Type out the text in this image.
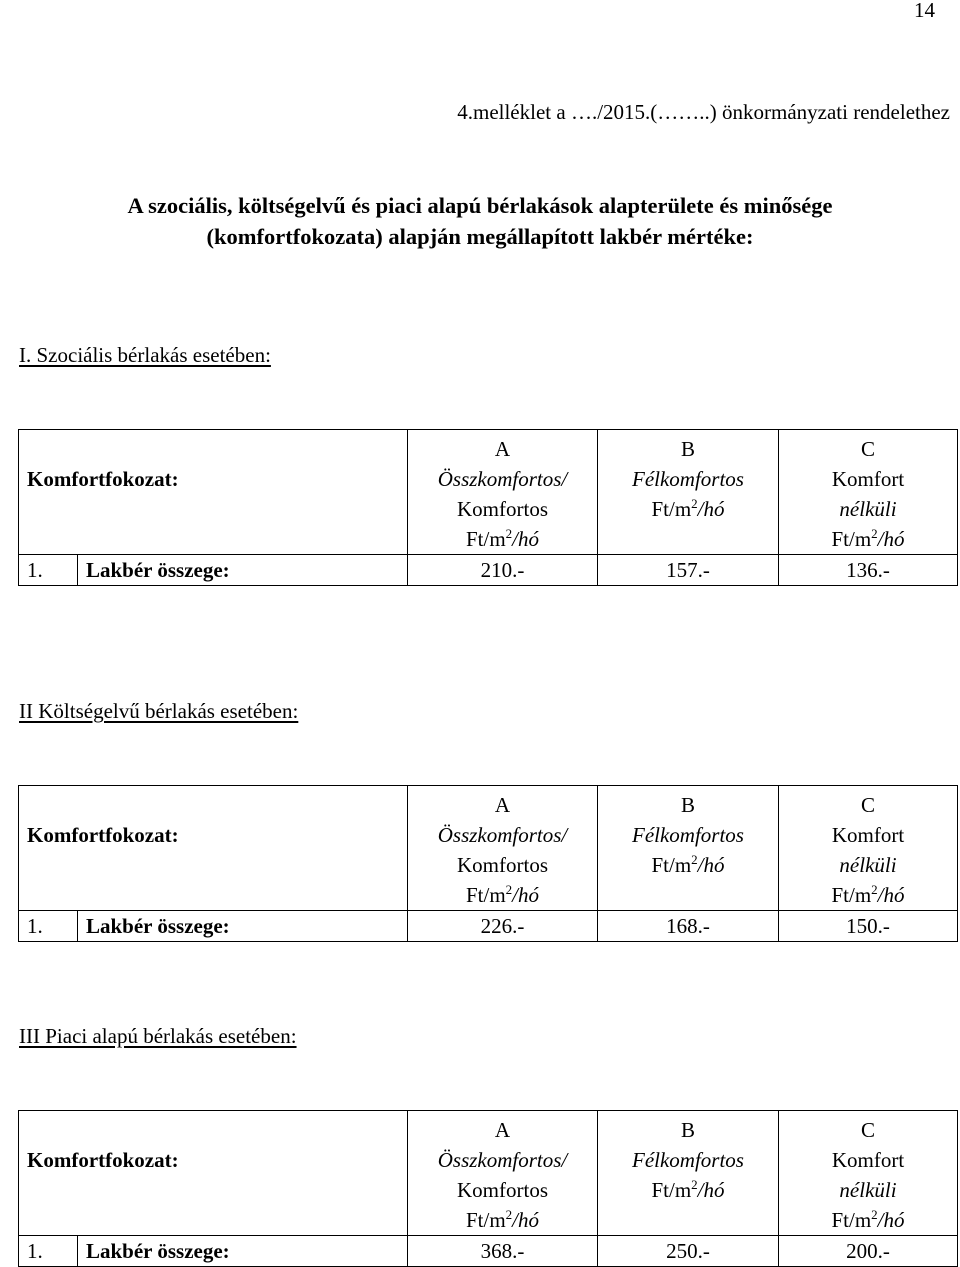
14
4.melléklet a …./2015.(……..) önkormányzati rendelethez
A szociális, költségelvű és piaci alapú bérlakások alapterülete és minősége
(komfortfokozata) alapján megállapított lakbér mértéke:
I. Szociális bérlakás esetében:
Komfortfokozat:		A
Összkomfortos/
Komfortos
$Ft/m^2/hó$	B
Félkomfortos
$Ft/m^2/hó$	C
Komfort
nélküli
$Ft/m^2/hó$

1.	Lakbér összege:	210.-	157.-	136.-
II Költségelvű bérlakás esetében:
Komfortfokozat:		A
Összkomfortos/
Komfortos
$Ft/m^2/hó$	B
Félkomfortos
$Ft/m^2/hó$	C
Komfort
nélküli
$Ft/m^2/hó$

1.	Lakbér összege:	226.-	168.-	150.-
III Piaci alapú bérlakás esetében:
Komfortfokozat:		A
Összkomfortos/
Komfortos
$Ft/m^2/hó$	B
Félkomfortos
$Ft/m^2/hó$	C
Komfort
nélküli
$Ft/m^2/hó$

1.	Lakbér összege:	368.-	250.-	200.-
